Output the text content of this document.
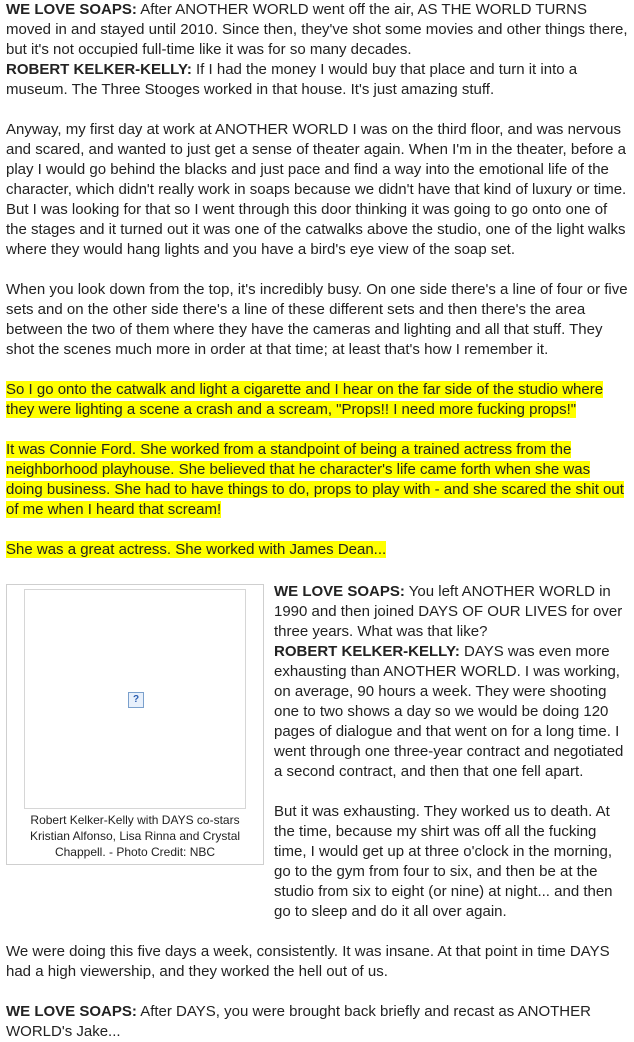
WE LOVE SOAPS: After ANOTHER WORLD went off the air, AS THE WORLD TURNS moved in and stayed until 2010. Since then, they've shot some movies and other things there, but it's not occupied full-time like it was for so many decades.

ROBERT KELKER-KELLY: If I had the money I would buy that place and turn it into a museum. The Three Stooges worked in that house. It's just amazing stuff.

Anyway, my first day at work at ANOTHER WORLD I was on the third floor, and was nervous and scared, and wanted to just get a sense of theater again. When I'm in the theater, before a play I would go behind the blacks and just pace and find a way into the emotional life of the character, which didn't really work in soaps because we didn't have that kind of luxury or time. But I was looking for that so I went through this door thinking it was going to go onto one of the stages and it turned out it was one of the catwalks above the studio, one of the light walks where they would hang lights and you have a bird's eye view of the soap set.

When you look down from the top, it's incredibly busy. On one side there's a line of four or five sets and on the other side there's a line of these different sets and then there's the area between the two of them where they have the cameras and lighting and all that stuff. They shot the scenes much more in order at that time; at least that's how I remember it.

So I go onto the catwalk and light a cigarette and I hear on the far side of the studio where they were lighting a scene a crash and a scream, "Props!! I need more fucking props!"

It was Connie Ford. She worked from a standpoint of being a trained actress from the neighborhood playhouse. She believed that he character's life came forth when she was doing business. She had to have things to do, props to play with - and she scared the shit out of me when I heard that scream!

She was a great actress. She worked with James Dean...

?
Robert Kelker-Kelly with DAYS co-stars Kristian Alfonso, Lisa Rinna and Crystal Chappell. - Photo Credit: NBC

WE LOVE SOAPS: You left ANOTHER WORLD in 1990 and then joined DAYS OF OUR LIVES for over three years. What was that like?

ROBERT KELKER-KELLY: DAYS was even more exhausting than ANOTHER WORLD. I was working, on average, 90 hours a week. They were shooting one to two shows a day so we would be doing 120 pages of dialogue and that went on for a long time. I went through one three-year contract and negotiated a second contract, and then that one fell apart.

But it was exhausting. They worked us to death. At the time, because my shirt was off all the fucking time, I would get up at three o'clock in the morning, go to the gym from four to six, and then be at the studio from six to eight (or nine) at night... and then go to sleep and do it all over again.

We were doing this five days a week, consistently. It was insane. At that point in time DAYS had a high viewership, and they worked the hell out of us.

WE LOVE SOAPS: After DAYS, you were brought back briefly and recast as ANOTHER WORLD's Jake...
